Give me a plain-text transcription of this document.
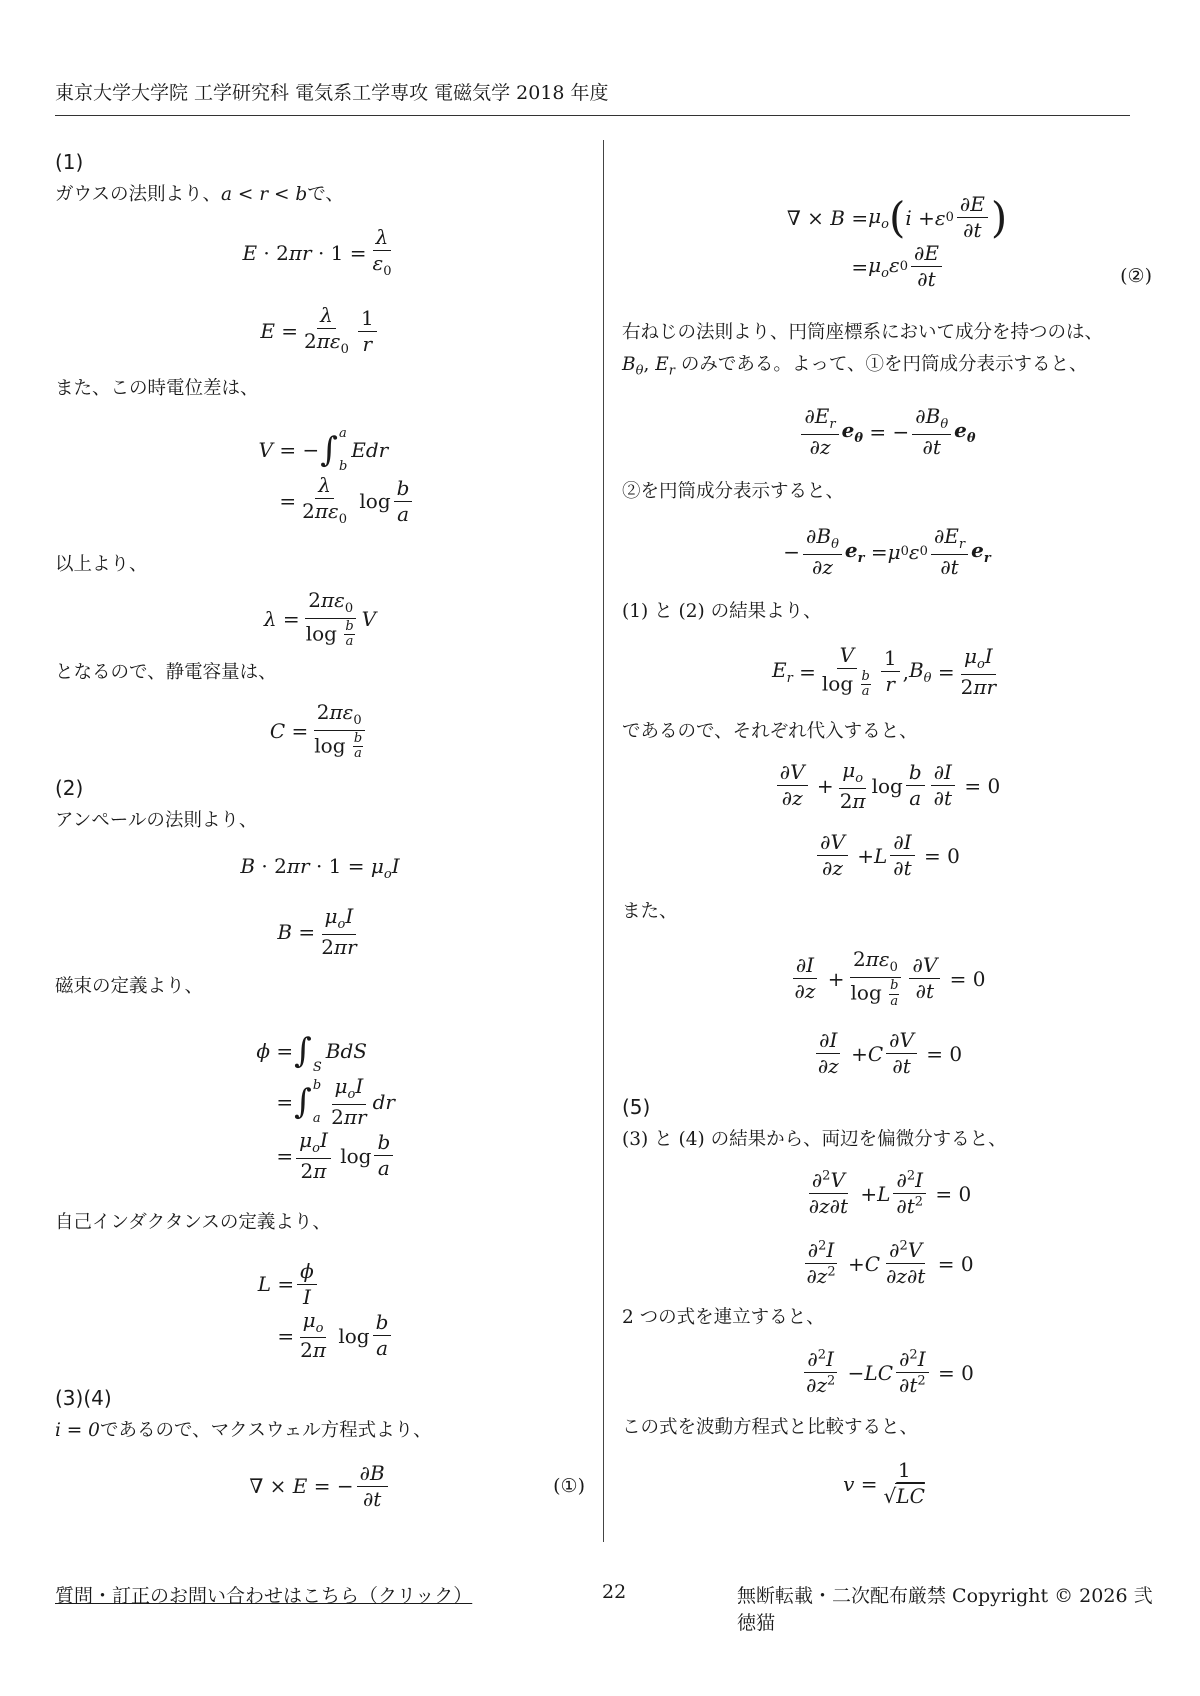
東京大学大学院 工学研究科 電気系工学専攻 電磁気学 2018 年度
(1)
ガウスの法則より、a < r < bで、
$E \cdot 2\pi r \cdot 1 = \frac{\lambda}{\varepsilon_0}$
$E = \frac{\lambda}{2\pi\varepsilon_0} \frac{1}{r}$
また、この時電位差は、
V = − ∫ a
b
Edr
= $\frac{\lambda}{2\pi\varepsilon_0}$ $\log \frac{b}{a}$
以上より、
$\lambda = \frac{2\pi\varepsilon_0}{\log \frac{b}{a}}$ V
となるので、静電容量は、
$C = \frac{2\pi\varepsilon_0}{\log \frac{b}{a}}$
(2)
アンペールの法則より、
$B \cdot 2\pi r \cdot 1 = \mu_oI$
$B = \frac{\mu_oI}{2\pi r}$
磁束の定義より、
ϕ = ∫ S
BdS
= ∫ b
a $\frac{\mu_oI}{2\pi r}$ dr
= $\frac{\mu_oI}{2\pi}$ $\log \frac{b}{a}$
自己インダクタンスの定義より、
$L = \frac{\phi}{I}$
= $\frac{\mu_o}{2\pi}$ $\log \frac{b}{a}$
(3)(4)
i = 0であるので、マクスウェル方程式より、
∇ × E = − $\frac{\partial B}{\partial t}$	(①)
∇ × $B = \mu_o$ ( i + ε $0 \frac{\partial E}{\partial t}$ )
= $\mu_o\varepsilon$ $0 \frac{\partial E}{\partial t}$	(②)
右ねじの法則より、円筒座標系において成分を持つのは、
$B_\theta$, $E_r$ のみである。よって、①を円筒成分表示すると、
$\frac{\partial E_r}{\partial z} e_\theta$ = − $\frac{\partial B_\theta}{\partial t} e_\theta$
②を円筒成分表示すると、
− $\frac{\partial B_\theta}{\partial z} e_r = \mu$ 0 ε $0 \frac{\partial E_r}{\partial t} e_r$
(1) と (2) の結果より、
$E_r = \frac{V}{\log \frac{b}{a}} \frac{1}{r}$ , $B_\theta = \frac{\mu_oI}{2\pi r}$
であるので、それぞれ代入すると、
$\frac{\partial V}{\partial z} + \frac{\mu_o}{2\pi}$ $\log \frac{b}{a} \frac{\partial I}{\partial t} = 0$
$\frac{\partial V}{\partial z} + L \frac{\partial I}{\partial t} = 0$
また、
$\frac{\partial I}{\partial z} + \frac{2\pi\varepsilon_0}{\log \frac{b}{a}} \frac{\partial V}{\partial t} = 0$
$\frac{\partial I}{\partial z} + C \frac{\partial V}{\partial t} = 0$
(5)
(3) と (4) の結果から、両辺を偏微分すると、
$\frac{\partial^2V}{\partial z\partial t} + L \frac{\partial^2I}{\partial t^2} = 0$
$\frac{\partial^2I}{\partial z^2} + C \frac{\partial^2V}{\partial z\partial t} = 0$
2 つの式を連立すると、
$\frac{\partial^2I}{\partial z^2}$ − LC $\frac{\partial^2I}{\partial t^2} = 0$
この式を波動方程式と比較すると、
$v = \frac{1}{√LC}$
質問・訂正のお問い合わせはこちら（クリック）	22	無断転載・二次配布厳禁 Copyright © 2026 弐徳猫
